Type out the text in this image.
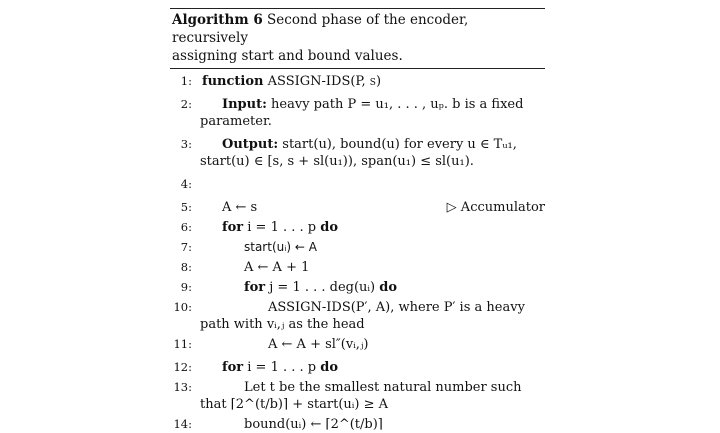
Algorithm 6 Second phase of the encoder, recursively
assigning start and bound values.
1: function ASSIGN-IDS(P, s)
2: Input: heavy path P = u₁, . . . , uₚ. b is a fixed
parameter.
3: Output: start(u), bound(u) for every u ∈ Tᵤ₁,
start(u) ∈ [s, s + sl(u₁)), span(u₁) ≤ sl(u₁).
4:

5: A ← s	▷ Accumulator
6: for i = 1 . . . p do
7:	start(uᵢ) ← A
8:	A ← A + 1
9:	for j = 1 . . . deg(uᵢ) do
10:	ASSIGN-IDS(P′, A), where P′ is a heavy
path with vᵢ,ⱼ as the head
11:	A ← A + sl″(vᵢ,ⱼ)
12: for i = 1 . . . p do
13:	Let t be the smallest natural number such
that ⌈2^(t/b)⌉ + start(uᵢ) ≥ A
14:	bound(uᵢ) ← ⌈2^(t/b)⌉
